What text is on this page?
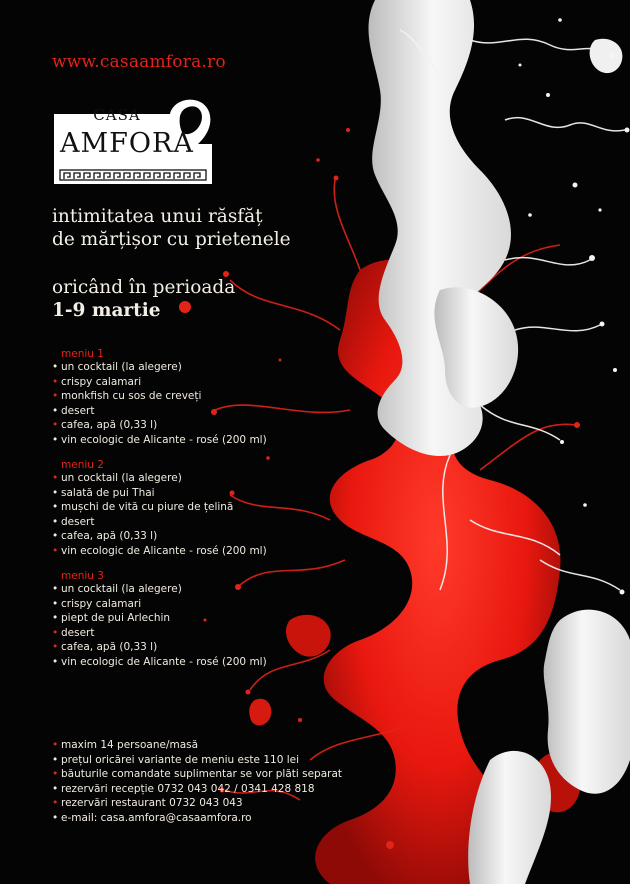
www.casaamfora.ro
CASA
AMFORA
intimitatea unui răsfăț
de mărțișor cu prietenele
oricând în perioada
1-9 martie
meniu 1
• un cocktail (la alegere)
• crispy calamari
• monkfish cu sos de creveți
• desert
• cafea, apă (0,33 l)
• vin ecologic de Alicante - rosé (200 ml)
meniu 2
• un cocktail (la alegere)
• salată de pui Thai
• mușchi de vită cu piure de țelină
• desert
• cafea, apă (0,33 l)
• vin ecologic de Alicante - rosé (200 ml)
meniu 3
• un cocktail (la alegere)
• crispy calamari
• piept de pui Arlechin
• desert
• cafea, apă (0,33 l)
• vin ecologic de Alicante - rosé (200 ml)
• maxim 14 persoane/masă
• prețul oricărei variante de meniu este 110 lei
• băuturile comandate suplimentar se vor plăti separat
• rezervări recepție 0732 043 042 / 0341 428 818
• rezervări restaurant 0732 043 043
• e-mail: casa.amfora@casaamfora.ro
